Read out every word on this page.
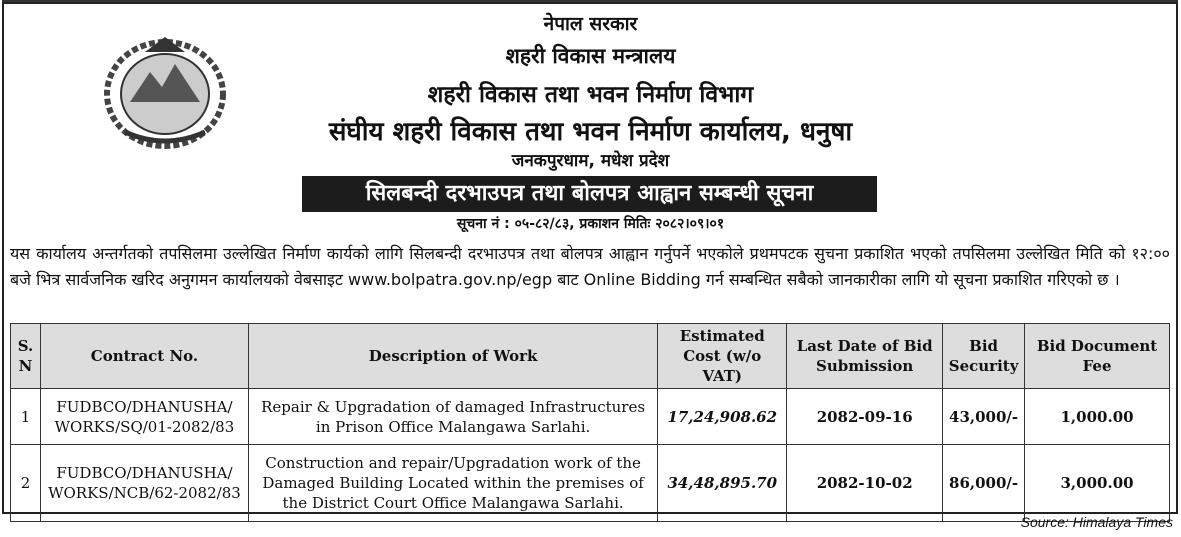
नेपाल सरकार
शहरी विकास मन्त्रालय
शहरी विकास तथा भवन निर्माण विभाग
संघीय शहरी विकास तथा भवन निर्माण कार्यालय, धनुषा
जनकपुरधाम, मधेश प्रदेश
सिलबन्दी दरभाउपत्र तथा बोलपत्र आह्वान सम्बन्धी सूचना
सूचना नं : ०५-८२/८३, प्रकाशन मितिः २०८२।०९।०१
यस कार्यालय अन्तर्गतको तपसिलमा उल्लेखित निर्माण कार्यको लागि सिलबन्दी दरभाउपत्र तथा बोलपत्र आह्वान गर्नुपर्ने भएकोले प्रथमपटक सुचना प्रकाशित भएको तपसिलमा उल्लेखित मिति को १२:०० बजे भित्र सार्वजनिक खरिद अनुगमन कार्यालयको वेबसाइट www.bolpatra.gov.np/egp बाट Online Bidding गर्न सम्बन्धित सबैको जानकारीका लागि यो सूचना प्रकाशित गरिएको छ ।
S. N	Contract No.	Description of Work	Estimated Cost (w/o VAT)	Last Date of Bid Submission	Bid Security	Bid Document Fee
1	FUDBCO/DHANUSHA/ WORKS/SQ/01-2082/83	Repair & Upgradation of damaged Infrastructures in Prison Office Malangawa Sarlahi.	17,24,908.62	2082-09-16	43,000/-	1,000.00
2	FUDBCO/DHANUSHA/ WORKS/NCB/62-2082/83	Construction and repair/Upgradation work of the Damaged Building Located within the premises of the District Court Office Malangawa Sarlahi.	34,48,895.70	2082-10-02	86,000/-	3,000.00
Source: Himalaya Times
